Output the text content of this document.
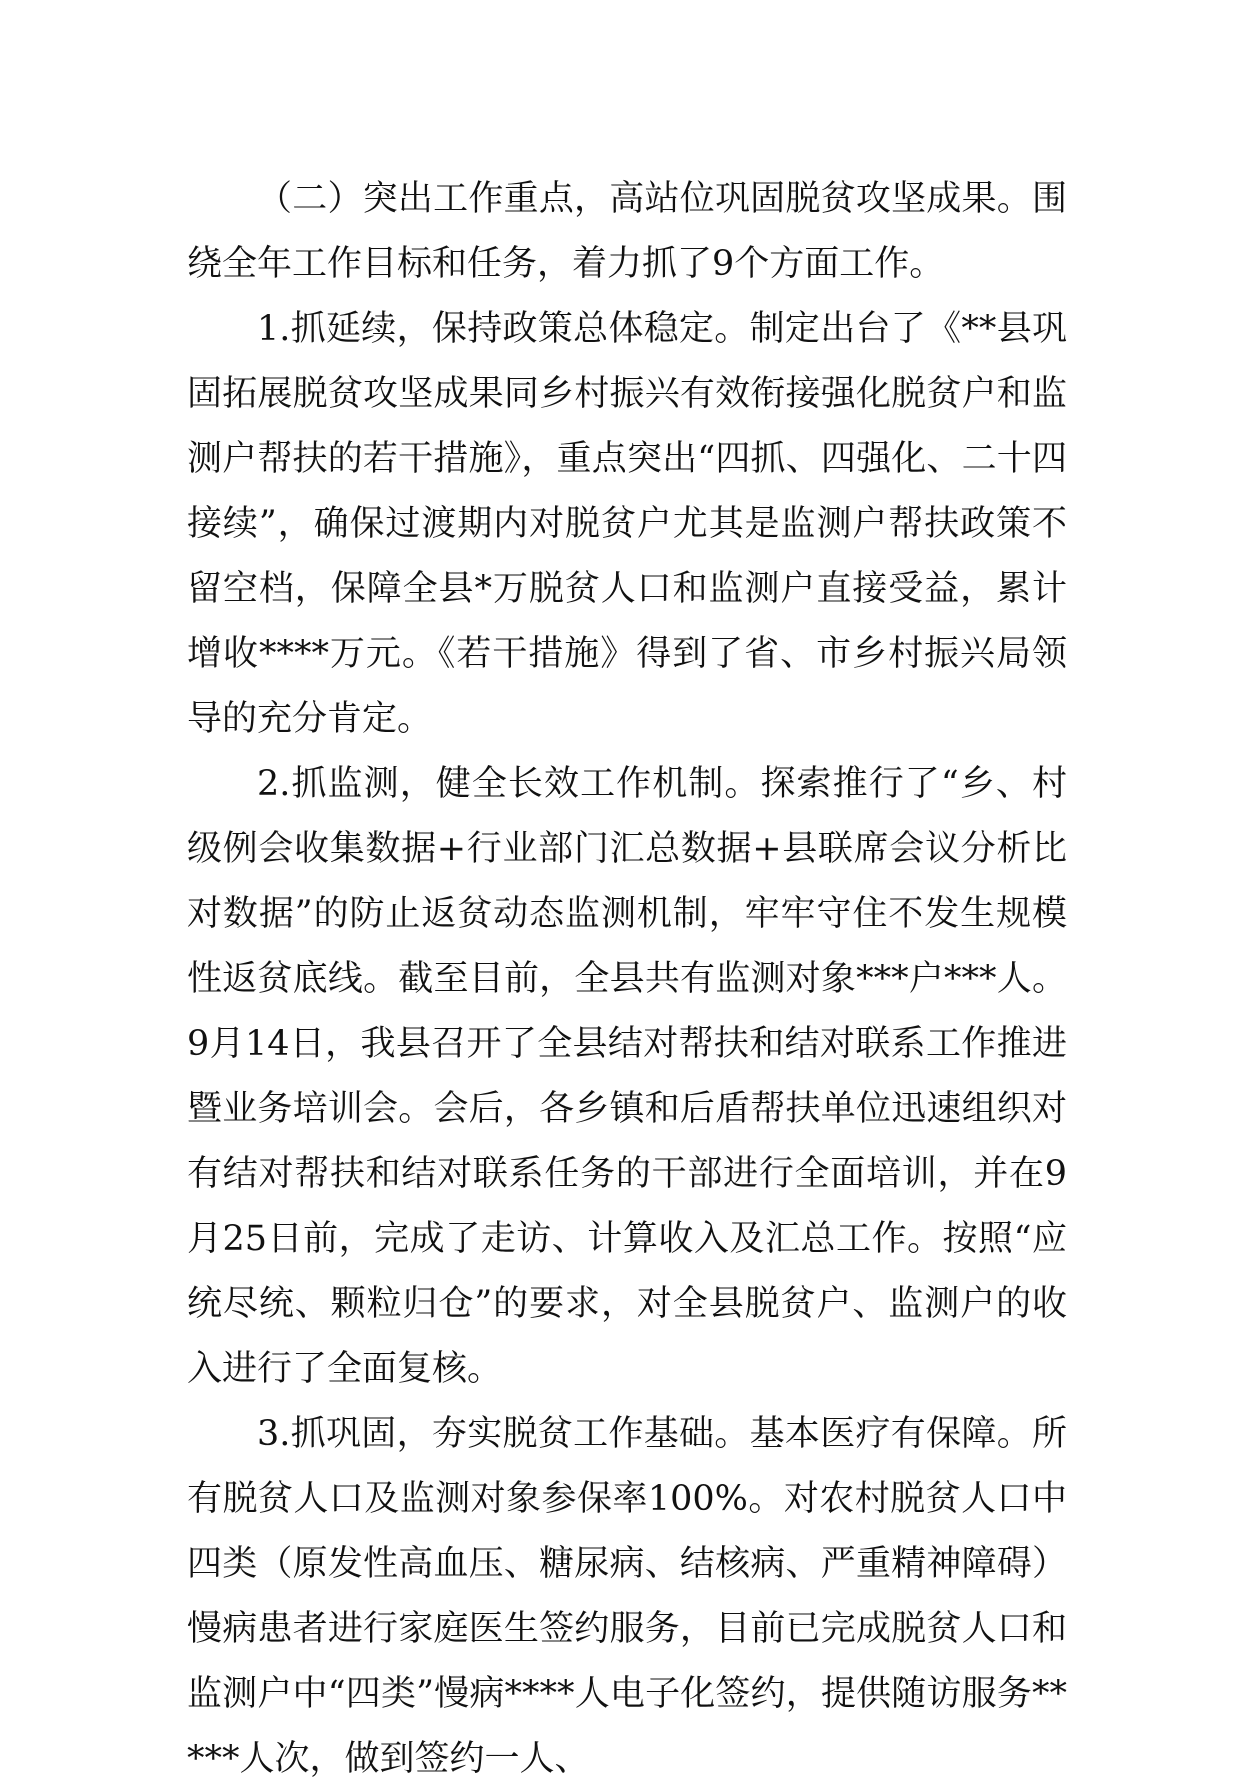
（二）突出工作重点，高站位巩固脱贫攻坚成果。围绕全年工作目标和任务，着力抓了9个方面工作。

1.抓延续，保持政策总体稳定。制定出台了《**县巩固拓展脱贫攻坚成果同乡村振兴有效衔接强化脱贫户和监测户帮扶的若干措施》，重点突出“四抓、四强化、二十四接续”，确保过渡期内对脱贫户尤其是监测户帮扶政策不留空档，保障全县*万脱贫人口和监测户直接受益，累计增收****万元。《若干措施》得到了省、市乡村振兴局领导的充分肯定。

2.抓监测，健全长效工作机制。探索推行了“乡、村级例会收集数据+行业部门汇总数据+县联席会议分析比对数据”的防止返贫动态监测机制，牢牢守住不发生规模性返贫底线。截至目前，全县共有监测对象***户***人。9月14日，我县召开了全县结对帮扶和结对联系工作推进暨业务培训会。会后，各乡镇和后盾帮扶单位迅速组织对有结对帮扶和结对联系任务的干部进行全面培训，并在9月25日前，完成了走访、计算收入及汇总工作。按照“应统尽统、颗粒归仓”的要求，对全县脱贫户、监测户的收入进行了全面复核。

3.抓巩固，夯实脱贫工作基础。基本医疗有保障。所有脱贫人口及监测对象参保率100%。对农村脱贫人口中四类（原发性高血压、糖尿病、结核病、严重精神障碍）慢病患者进行家庭医生签约服务，目前已完成脱贫人口和监测户中“四类”慢病****人电子化签约，提供随访服务*****人次，做到签约一人、
